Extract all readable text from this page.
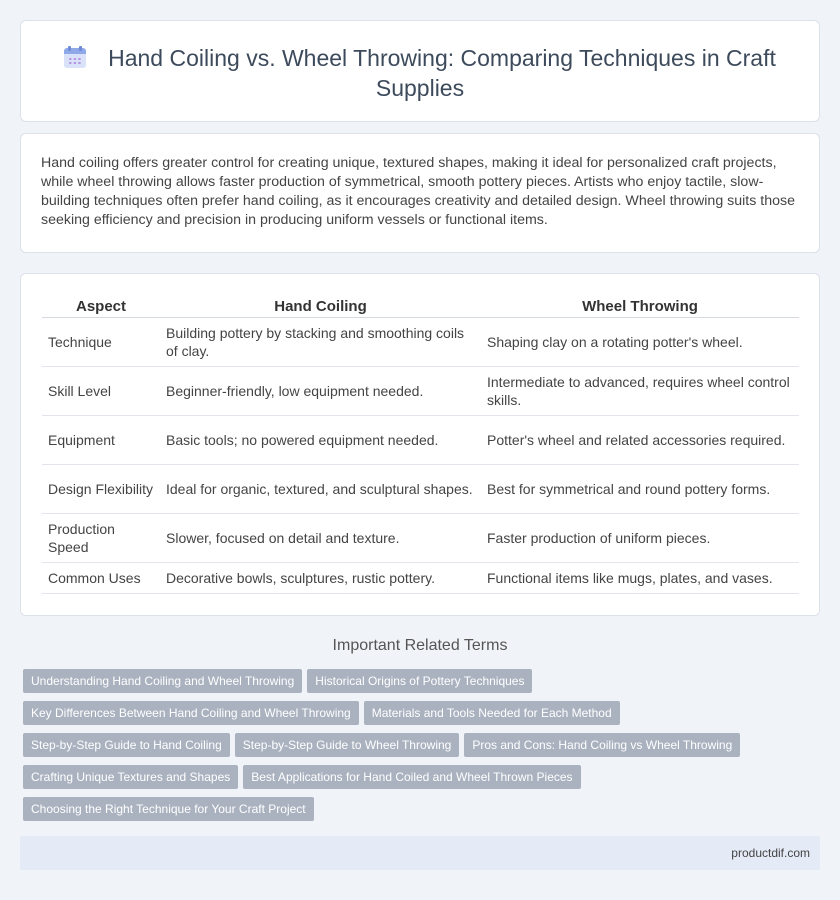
Hand Coiling vs. Wheel Throwing: Comparing Techniques in Craft Supplies

Hand coiling offers greater control for creating unique, textured shapes, making it ideal for personalized craft projects, while wheel throwing allows faster production of symmetrical, smooth pottery pieces. Artists who enjoy tactile, slow-building techniques often prefer hand coiling, as it encourages creativity and detailed design. Wheel throwing suits those seeking efficiency and precision in producing uniform vessels or functional items.

Aspect	Hand Coiling	Wheel Throwing
Technique	Building pottery by stacking and smoothing coils of clay.	Shaping clay on a rotating potter's wheel.
Skill Level	Beginner-friendly, low equipment needed.	Intermediate to advanced, requires wheel control skills.
Equipment	Basic tools; no powered equipment needed.	Potter's wheel and related accessories required.
Design Flexibility	Ideal for organic, textured, and sculptural shapes.	Best for symmetrical and round pottery forms.
Production Speed	Slower, focused on detail and texture.	Faster production of uniform pieces.
Common Uses	Decorative bowls, sculptures, rustic pottery.	Functional items like mugs, plates, and vases.
Important Related Terms
Understanding Hand Coiling and Wheel Throwing Historical Origins of Pottery Techniques
Key Differences Between Hand Coiling and Wheel Throwing Materials and Tools Needed for Each Method
Step-by-Step Guide to Hand Coiling Step-by-Step Guide to Wheel Throwing Pros and Cons: Hand Coiling vs Wheel Throwing
Crafting Unique Textures and Shapes Best Applications for Hand Coiled and Wheel Thrown Pieces
Choosing the Right Technique for Your Craft Project
productdif.com
